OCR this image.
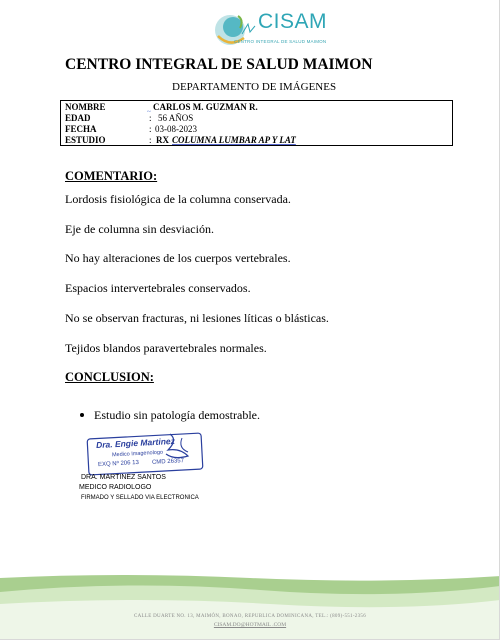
CISAM
CENTRO INTEGRAL DE SALUD MAIMON
CENTRO INTEGRAL DE SALUD MAIMON
DEPARTAMENTO DE IMÁGENES
NOMBRE	~ CARLOS M. GUZMAN R.
EDAD	: 56 AÑOS
FECHA	: 03-08-2023
ESTUDIO	: RX COLUMNA LUMBAR AP Y LAT
COMENTARIO:
Lordosis fisiológica de la columna conservada.
Eje de columna sin desviación.
No hay alteraciones de los cuerpos vertebrales.
Espacios intervertebrales conservados.
No se observan fracturas, ni lesiones líticas o blásticas.
Tejidos blandos paravertebrales normales.
CONCLUSION:
Estudio sin patología demostrable.
Dra. Engie Martinez
Medico Imagenologo
EXQ Nº 206 13 CMD 26357
DRA. MARTINEZ SANTOS
MEDICO RADIOLOGO
FIRMADO Y SELLADO VIA ELECTRONICA
CALLE DUARTE NO. 13, MAIMÓN, BONAO, REPUBLICA DOMINICANA, TEL.: (809)-551-2356
CISAM.DO@HOTMAIL .COM
